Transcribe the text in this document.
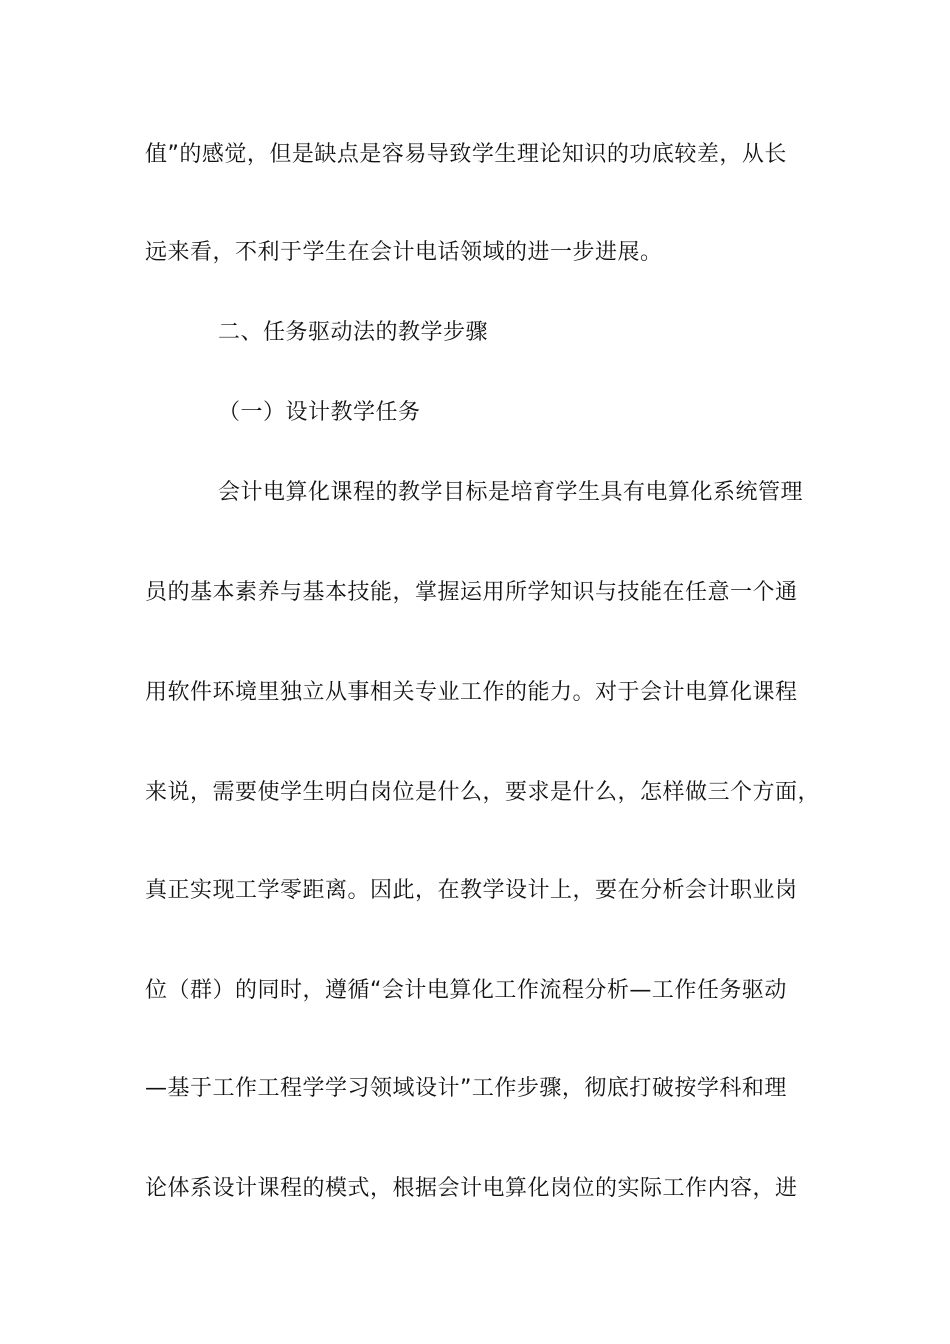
值”的感觉，但是缺点是容易导致学生理论知识的功底较差，从长
远来看，不利于学生在会计电话领域的进一步进展。
二、任务驱动法的教学步骤
（一）设计教学任务
会计电算化课程的教学目标是培育学生具有电算化系统管理
员的基本素养与基本技能，掌握运用所学知识与技能在任意一个通
用软件环境里独立从事相关专业工作的能力。对于会计电算化课程
来说，需要使学生明白岗位是什么，要求是什么，怎样做三个方面，
真正实现工学零距离。因此，在教学设计上，要在分析会计职业岗
位（群）的同时，遵循“会计电算化工作流程分析—工作任务驱动
—基于工作工程学学习领域设计”工作步骤，彻底打破按学科和理
论体系设计课程的模式，根据会计电算化岗位的实际工作内容，进
